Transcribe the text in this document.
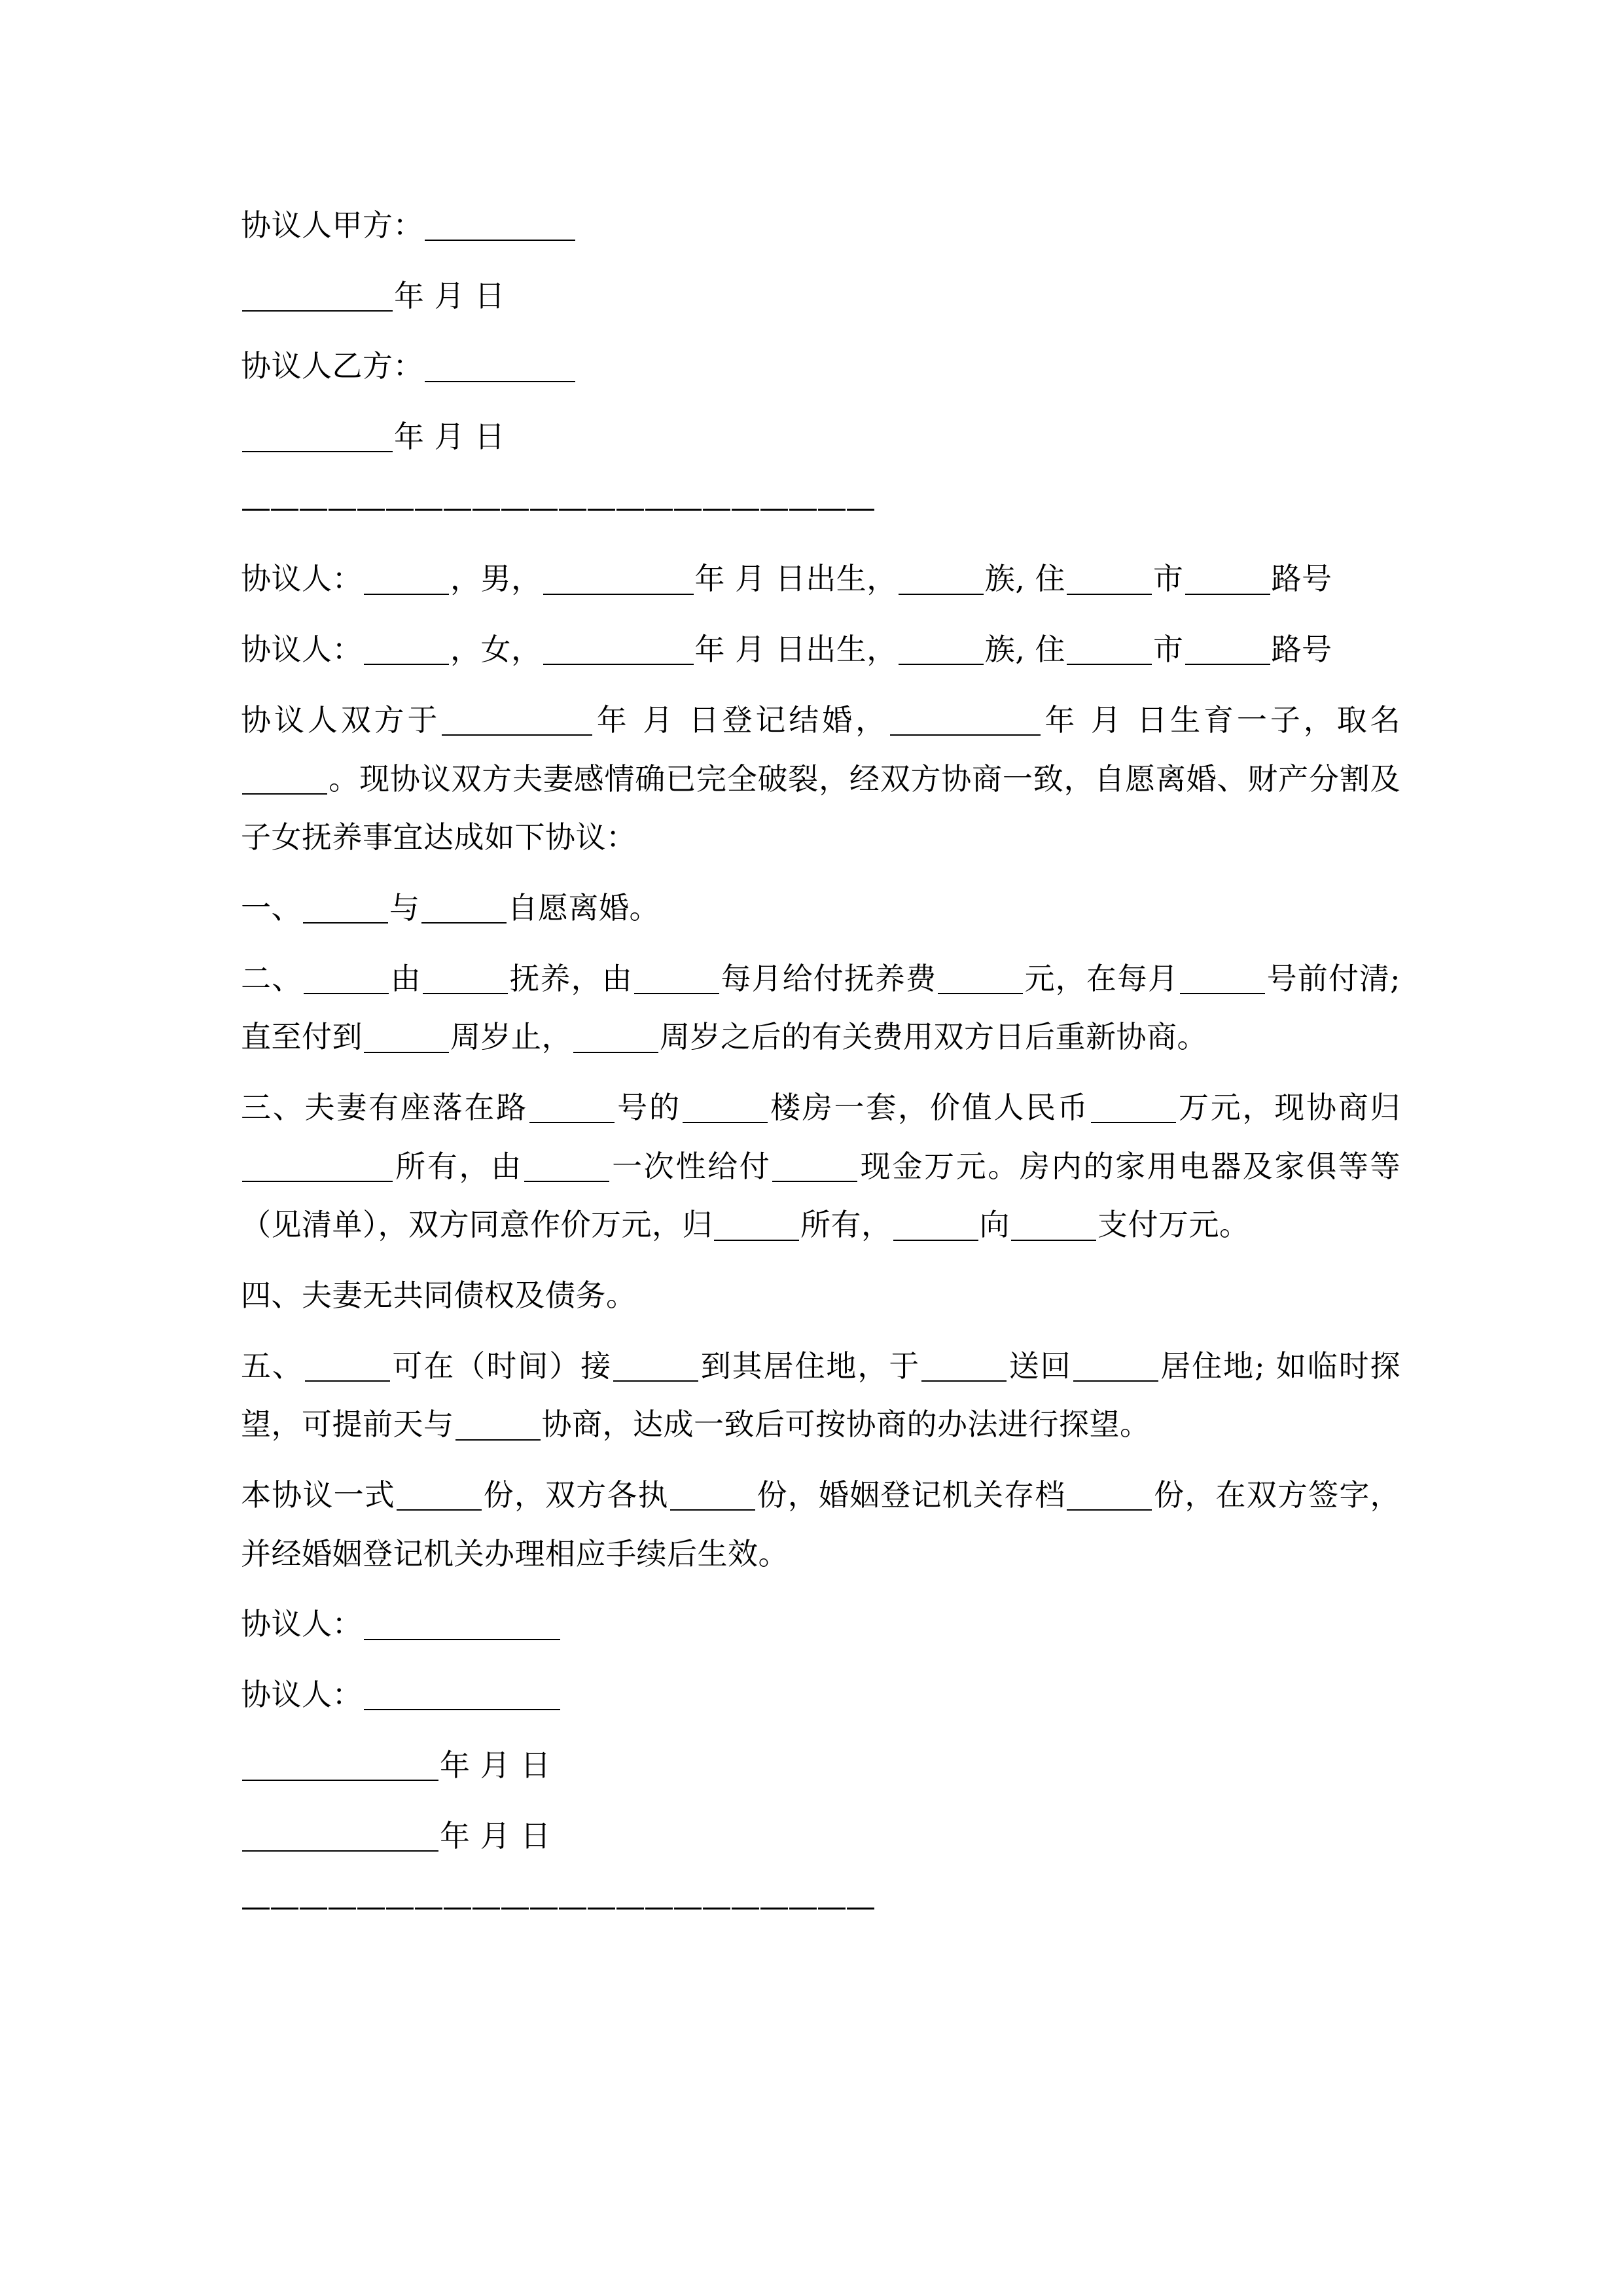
协议人甲方：

年 月 日

协议人乙方：

年 月 日

——————————————————————

协议人：	，男，	年 月 日出生，	族, 住	市	路号

协议人：	，女，	年 月 日出生，	族, 住	市	路号

协议人双方于	年 月 日登记结婚，	年 月 日生育一子，取名。现协议双方夫妻感情确已完全破裂，经双方协商一致，自愿离婚、财产分割及子女抚养事宜达成如下协议：

一、	与	自愿离婚。

二、	由	抚养，由	每月给付抚养费	元，在每月	号前付清; 直至付到	周岁止，	周岁之后的有关费用双方日后重新协商。

三、夫妻有座落在路	号的	楼房一套，价值人民币	万元，现协商归所有，由	一次性给付	现金万元。房内的家用电器及家俱等等（见清单），双方同意作价万元，归	所有，	向	支付万元。

四、夫妻无共同债权及债务。

五、	可在（时间）接	到其居住地，于	送回	居住地; 如临时探望，可提前天与	协商，达成一致后可按协商的办法进行探望。

本协议一式	份，双方各执	份，婚姻登记机关存档	份，在双方签字，并经婚姻登记机关办理相应手续后生效。

协议人：

协议人：

年 月 日

年 月 日

——————————————————————
